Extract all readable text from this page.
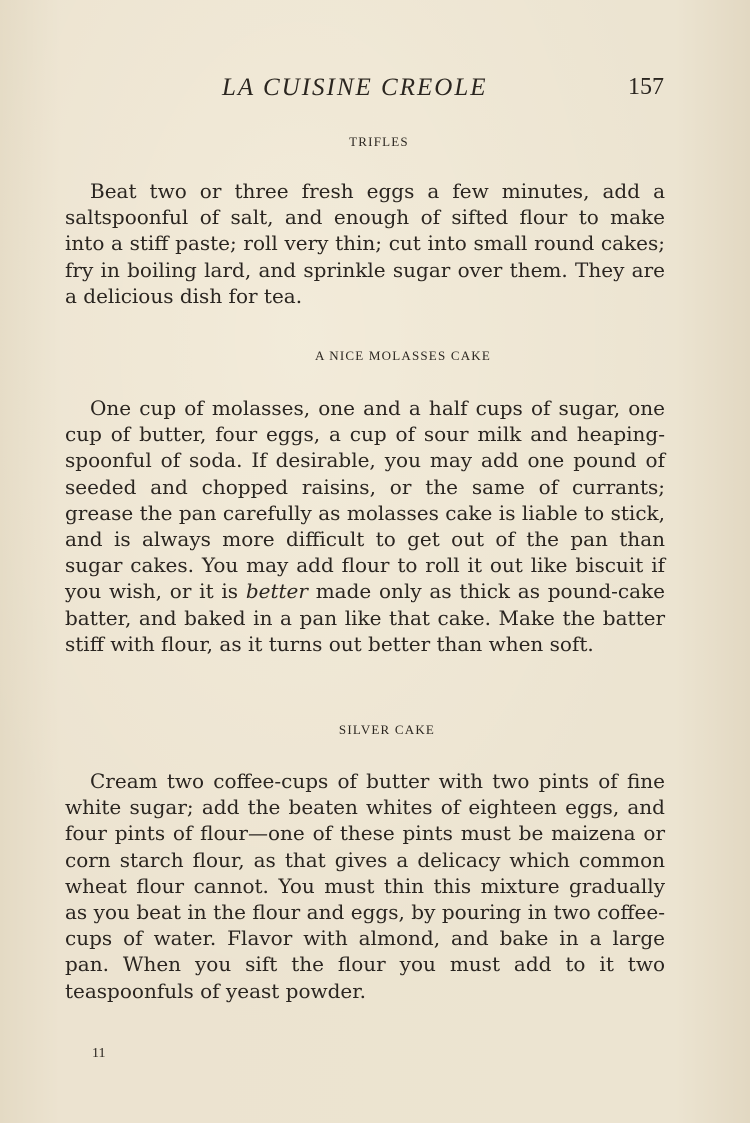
LA CUISINE CREOLE	157
TRIFLES

Beat two or three fresh eggs a few minutes, add a saltspoonful of salt, and enough of sifted flour to make into a stiff paste; roll very thin; cut into small round cakes; fry in boiling lard, and sprinkle sugar over them. They are a delicious dish for tea.

A NICE MOLASSES CAKE

One cup of molasses, one and a half cups of sugar, one cup of butter, four eggs, a cup of sour milk and heaping-spoonful of soda. If desirable, you may add one pound of seeded and chopped raisins, or the same of currants; grease the pan carefully as molasses cake is liable to stick, and is always more difficult to get out of the pan than sugar cakes. You may add flour to roll it out like biscuit if you wish, or it is better made only as thick as pound-cake batter, and baked in a pan like that cake. Make the batter stiff with flour, as it turns out better than when soft.

SILVER CAKE

Cream two coffee-cups of butter with two pints of fine white sugar; add the beaten whites of eighteen eggs, and four pints of flour—one of these pints must be maizena or corn starch flour, as that gives a delicacy which common wheat flour cannot. You must thin this mixture gradually as you beat in the flour and eggs, by pouring in two coffee-cups of water. Flavor with almond, and bake in a large pan. When you sift the flour you must add to it two teaspoonfuls of yeast powder.

11
